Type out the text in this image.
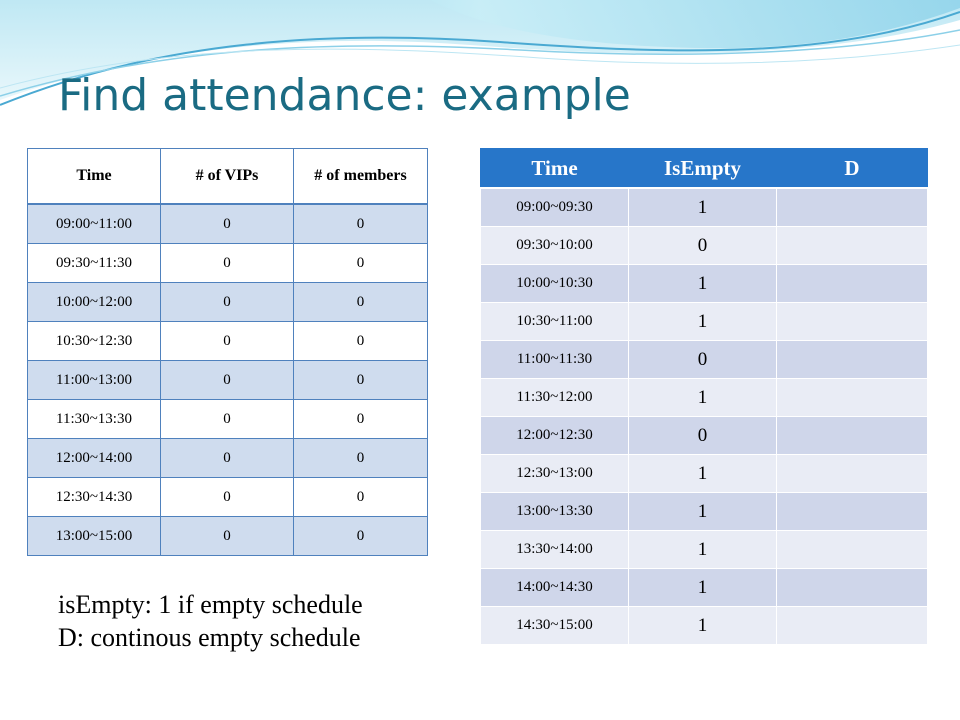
Find attendance: example
Time	# of VIPs	# of members
09:00~11:00	0	0
09:30~11:30	0	0
10:00~12:00	0	0
10:30~12:30	0	0
11:00~13:00	0	0
11:30~13:30	0	0
12:00~14:00	0	0
12:30~14:30	0	0
13:00~15:00	0	0
Time	IsEmpty	D
09:00~09:30	1	
09:30~10:00	0	
10:00~10:30	1	
10:30~11:00	1	
11:00~11:30	0	
11:30~12:00	1	
12:00~12:30	0	
12:30~13:00	1	
13:00~13:30	1	
13:30~14:00	1	
14:00~14:30	1	
14:30~15:00	1	
isEmpty: 1 if empty schedule
D: continous empty schedule
